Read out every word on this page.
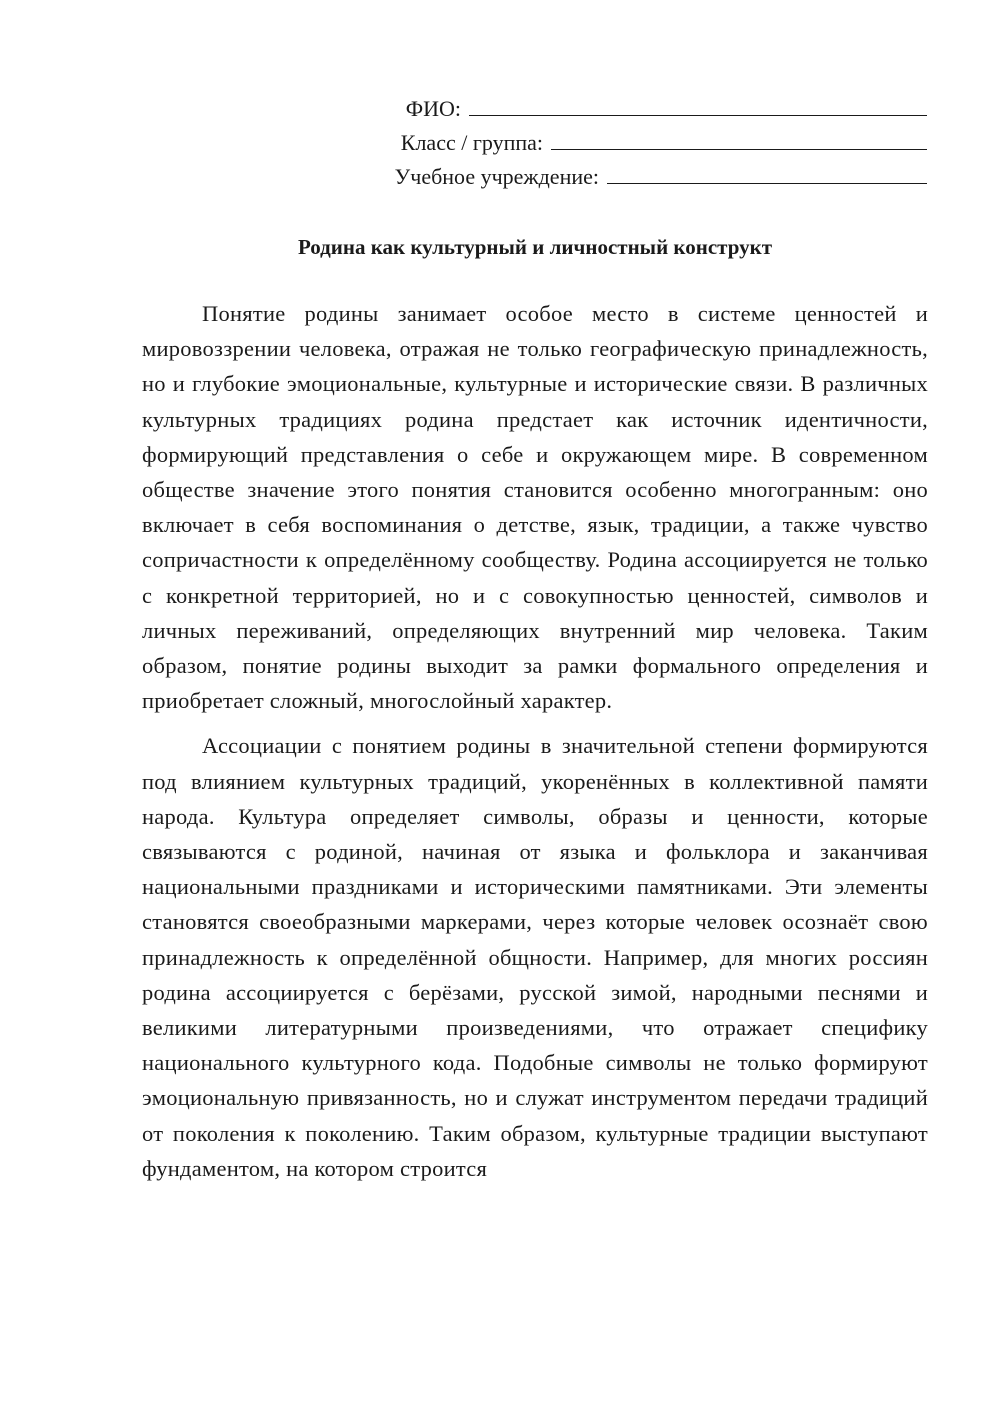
ФИО:
Класс / группа:
Учебное учреждение:
Родина как культурный и личностный конструкт

Понятие родины занимает особое место в системе ценностей и мировоззрении человека, отражая не только географическую принадлежность, но и глубокие эмоциональные, культурные и исторические связи. В различных культурных традициях родина предстает как источник идентичности, формирующий представления о себе и окружающем мире. В современном обществе значение этого понятия становится особенно многогранным: оно включает в себя воспоминания о детстве, язык, традиции, а также чувство сопричастности к определённому сообществу. Родина ассоциируется не только с конкретной территорией, но и с совокупностью ценностей, символов и личных переживаний, определяющих внутренний мир человека. Таким образом, понятие родины выходит за рамки формального определения и приобретает сложный, многослойный характер.

Ассоциации с понятием родины в значительной степени формируются под влиянием культурных традиций, укоренённых в коллективной памяти народа. Культура определяет символы, образы и ценности, которые связываются с родиной, начиная от языка и фольклора и заканчивая национальными праздниками и историческими памятниками. Эти элементы становятся своеобразными маркерами, через которые человек осознаёт свою принадлежность к определённой общности. Например, для многих россиян родина ассоциируется с берёзами, русской зимой, народными песнями и великими литературными произведениями, что отражает специфику национального культурного кода. Подобные символы не только формируют эмоциональную привязанность, но и служат инструментом передачи традиций от поколения к поколению. Таким образом, культурные традиции выступают фундаментом, на котором строится
